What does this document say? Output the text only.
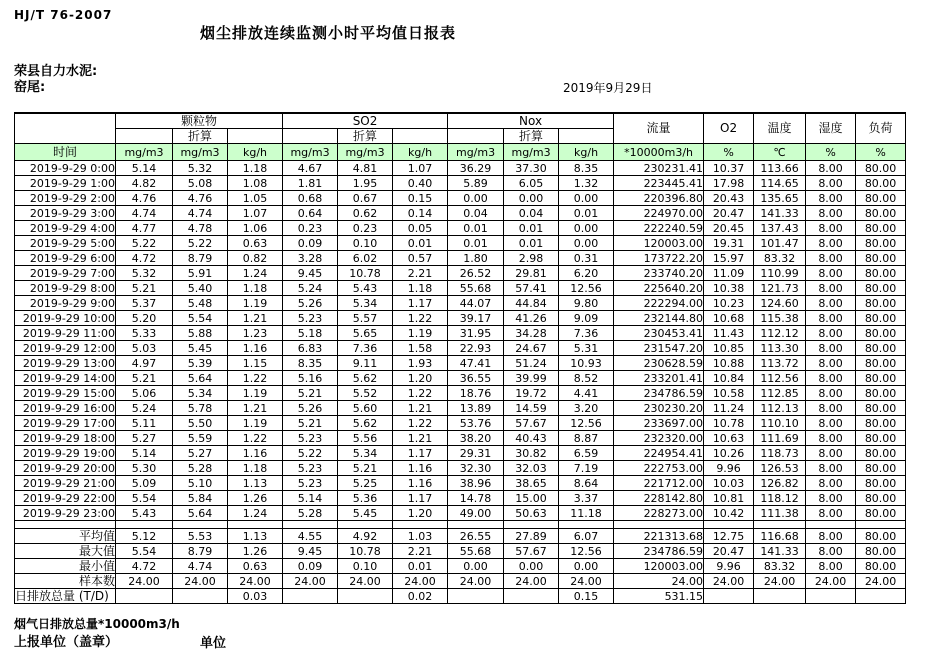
HJ/T 76-2007
烟尘排放连续监测小时平均值日报表
荣县自力水泥:
窑尾:	2019年9月29日
	颗粒物			SO2			Nox			流量	O2	温度	湿度	负荷
		折算			折算			折算						
时间	mg/m3	mg/m3	kg/h	mg/m3	mg/m3	kg/h	mg/m3	mg/m3	kg/h	*10000m3/h	%	℃	%	%
2019-9-29 0:00	5.14	5.32	1.18	4.67	4.81	1.07	36.29	37.30	8.35	230231.41	10.37	113.66	8.00	80.00
2019-9-29 1:00	4.82	5.08	1.08	1.81	1.95	0.40	5.89	6.05	1.32	223445.41	17.98	114.65	8.00	80.00
2019-9-29 2:00	4.76	4.76	1.05	0.68	0.67	0.15	0.00	0.00	0.00	220396.80	20.43	135.65	8.00	80.00
2019-9-29 3:00	4.74	4.74	1.07	0.64	0.62	0.14	0.04	0.04	0.01	224970.00	20.47	141.33	8.00	80.00
2019-9-29 4:00	4.77	4.78	1.06	0.23	0.23	0.05	0.01	0.01	0.00	222240.59	20.45	137.43	8.00	80.00
2019-9-29 5:00	5.22	5.22	0.63	0.09	0.10	0.01	0.01	0.01	0.00	120003.00	19.31	101.47	8.00	80.00
2019-9-29 6:00	4.72	8.79	0.82	3.28	6.02	0.57	1.80	2.98	0.31	173722.20	15.97	83.32	8.00	80.00
2019-9-29 7:00	5.32	5.91	1.24	9.45	10.78	2.21	26.52	29.81	6.20	233740.20	11.09	110.99	8.00	80.00
2019-9-29 8:00	5.21	5.40	1.18	5.24	5.43	1.18	55.68	57.41	12.56	225640.20	10.38	121.73	8.00	80.00
2019-9-29 9:00	5.37	5.48	1.19	5.26	5.34	1.17	44.07	44.84	9.80	222294.00	10.23	124.60	8.00	80.00
2019-9-29 10:00	5.20	5.54	1.21	5.23	5.57	1.22	39.17	41.26	9.09	232144.80	10.68	115.38	8.00	80.00
2019-9-29 11:00	5.33	5.88	1.23	5.18	5.65	1.19	31.95	34.28	7.36	230453.41	11.43	112.12	8.00	80.00
2019-9-29 12:00	5.03	5.45	1.16	6.83	7.36	1.58	22.93	24.67	5.31	231547.20	10.85	113.30	8.00	80.00
2019-9-29 13:00	4.97	5.39	1.15	8.35	9.11	1.93	47.41	51.24	10.93	230628.59	10.88	113.72	8.00	80.00
2019-9-29 14:00	5.21	5.64	1.22	5.16	5.62	1.20	36.55	39.99	8.52	233201.41	10.84	112.56	8.00	80.00
2019-9-29 15:00	5.06	5.34	1.19	5.21	5.52	1.22	18.76	19.72	4.41	234786.59	10.58	112.85	8.00	80.00
2019-9-29 16:00	5.24	5.78	1.21	5.26	5.60	1.21	13.89	14.59	3.20	230230.20	11.24	112.13	8.00	80.00
2019-9-29 17:00	5.11	5.50	1.19	5.21	5.62	1.22	53.76	57.67	12.56	233697.00	10.78	110.10	8.00	80.00
2019-9-29 18:00	5.27	5.59	1.22	5.23	5.56	1.21	38.20	40.43	8.87	232320.00	10.63	111.69	8.00	80.00
2019-9-29 19:00	5.14	5.27	1.16	5.22	5.34	1.17	29.31	30.82	6.59	224954.41	10.26	118.73	8.00	80.00
2019-9-29 20:00	5.30	5.28	1.18	5.23	5.21	1.16	32.30	32.03	7.19	222753.00	9.96	126.53	8.00	80.00
2019-9-29 21:00	5.09	5.10	1.13	5.23	5.25	1.16	38.96	38.65	8.64	221712.00	10.03	126.82	8.00	80.00
2019-9-29 22:00	5.54	5.84	1.26	5.14	5.36	1.17	14.78	15.00	3.37	228142.80	10.81	118.12	8.00	80.00
2019-9-29 23:00	5.43	5.64	1.24	5.28	5.45	1.20	49.00	50.63	11.18	228273.00	10.42	111.38	8.00	80.00

平均值	5.12	5.53	1.13	4.55	4.92	1.03	26.55	27.89	6.07	221313.68	12.75	116.68	8.00	80.00
最大值	5.54	8.79	1.26	9.45	10.78	2.21	55.68	57.67	12.56	234786.59	20.47	141.33	8.00	80.00
最小值	4.72	4.74	0.63	0.09	0.10	0.01	0.00	0.00	0.00	120003.00	9.96	83.32	8.00	80.00
样本数	24.00	24.00	24.00	24.00	24.00	24.00	24.00	24.00	24.00	24.00	24.00	24.00	24.00	24.00
日排放总量 (T/D)			0.03			0.02			0.15	531.15				
烟气日排放总量*10000m3/h
上报单位（盖章）	单位
